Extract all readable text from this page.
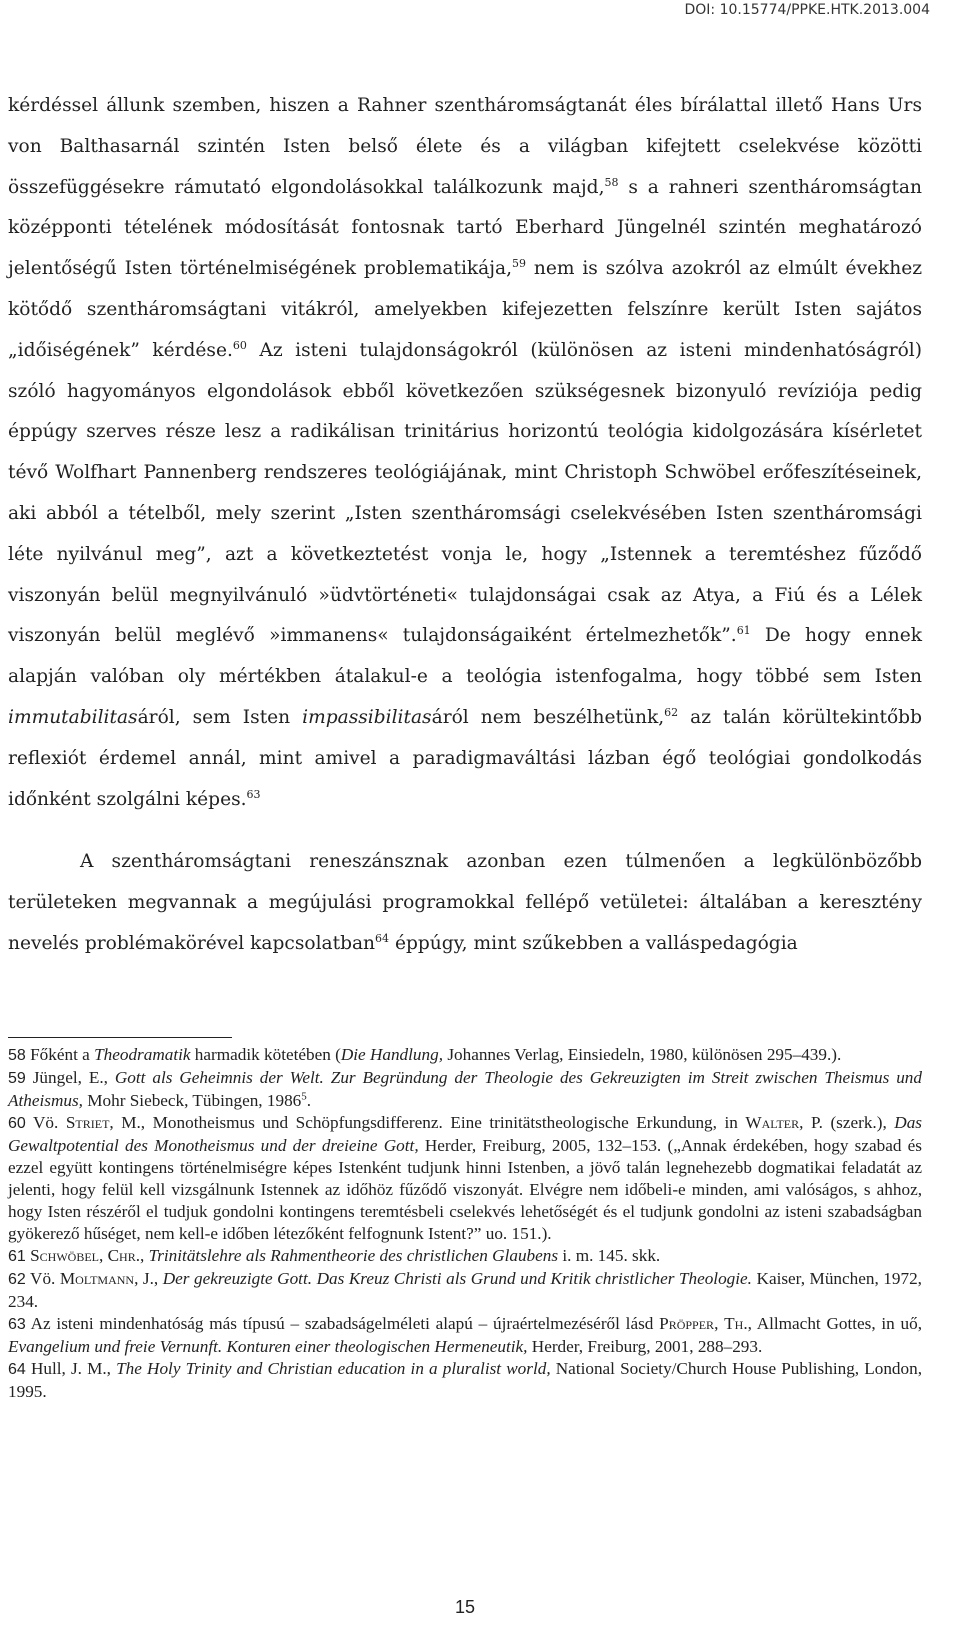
DOI: 10.15774/PPKE.HTK.2013.004

kérdéssel állunk szemben, hiszen a Rahner szentháromságtanát éles bírálattal illető Hans Urs von Balthasarnál szintén Isten belső élete és a világban kifejtett cselekvése közötti összefüggésekre rámutató elgondolásokkal találkozunk majd,$^{58}$ s a rahneri szentháromságtan középponti tételének módosítását fontosnak tartó Eberhard Jüngelnél szintén meghatározó jelentőségű Isten történelmiségének problematikája,$^{59}$ nem is szólva azokról az elmúlt évekhez kötődő szentháromságtani vitákról, amelyekben kifejezetten felszínre került Isten sajátos „időiségének” kérdése.$^{60}$ Az isteni tulajdonságokról (különösen az isteni mindenhatóságról) szóló hagyományos elgondolások ebből következően szükségesnek bizonyuló revíziója pedig éppúgy szerves része lesz a radikálisan trinitárius horizontú teológia kidolgozására kísérletet tévő Wolfhart Pannenberg rendszeres teológiájának, mint Christoph Schwöbel erőfeszítéseinek, aki abból a tételből, mely szerint „Isten szentháromsági cselekvésében Isten szentháromsági léte nyilvánul meg”, azt a következtetést vonja le, hogy „Istennek a teremtéshez fűződő viszonyán belül megnyilvánuló »üdvtörténeti« tulajdonságai csak az Atya, a Fiú és a Lélek viszonyán belül meglévő »immanens« tulajdonságaiként értelmezhetők”.$^{61}$ De hogy ennek alapján valóban oly mértékben átalakul-e a teológia istenfogalma, hogy többé sem Isten immutabilitasáról, sem Isten impassibilitasáról nem beszélhetünk,$^{62}$ az talán körültekintőbb reflexiót érdemel annál, mint amivel a paradigmaváltási lázban égő teológiai gondolkodás időnként szolgálni képes.$^{63}$

A szentháromságtani reneszánsznak azonban ezen túlmenően a legkülönbözőbb területeken megvannak a megújulási programokkal fellépő vetületei: általában a keresztény nevelés problémakörével kapcsolatban$^{64}$ éppúgy, mint szűkebben a valláspedagógia

58 Főként a Theodramatik harmadik kötetében (Die Handlung, Johannes Verlag, Einsiedeln, 1980, különösen 295–439.).

59 Jüngel, E., Gott als Geheimnis der Welt. Zur Begründung der Theologie des Gekreuzigten im Streit zwischen Theismus und Atheismus, Mohr Siebeck, Tübingen, 1986$^5$.

60 Vö. Striet, M., Monotheismus und Schöpfungsdifferenz. Eine trinitätstheologische Erkundung, in Walter, P. (szerk.), Das Gewaltpotential des Monotheismus und der dreieine Gott, Herder, Freiburg, 2005, 132–153. („Annak érdekében, hogy szabad és ezzel együtt kontingens történelmiségre képes Istenként tudjunk hinni Istenben, a jövő talán legnehezebb dogmatikai feladatát az jelenti, hogy felül kell vizsgálnunk Istennek az időhöz fűződő viszonyát. Elvégre nem időbeli-e minden, ami valóságos, s ahhoz, hogy Isten részéről el tudjuk gondolni kontingens teremtésbeli cselekvés lehetőségét és el tudjunk gondolni az isteni szabadságban gyökerező hűséget, nem kell-e időben létezőként felfognunk Istent?” uo. 151.).

61 Schwöbel, Chr., Trinitätslehre als Rahmentheorie des christlichen Glaubens i. m. 145. skk.

62 Vö. Moltmann, J., Der gekreuzigte Gott. Das Kreuz Christi als Grund und Kritik christlicher Theologie. Kaiser, München, 1972, 234.

63 Az isteni mindenhatóság más típusú – szabadságelméleti alapú – újraértelmezéséről lásd Pröpper, Th., Allmacht Gottes, in uő, Evangelium und freie Vernunft. Konturen einer theologischen Hermeneutik, Herder, Freiburg, 2001, 288–293.

64 Hull, J. M., The Holy Trinity and Christian education in a pluralist world, National Society/Church House Publishing, London, 1995.

15
